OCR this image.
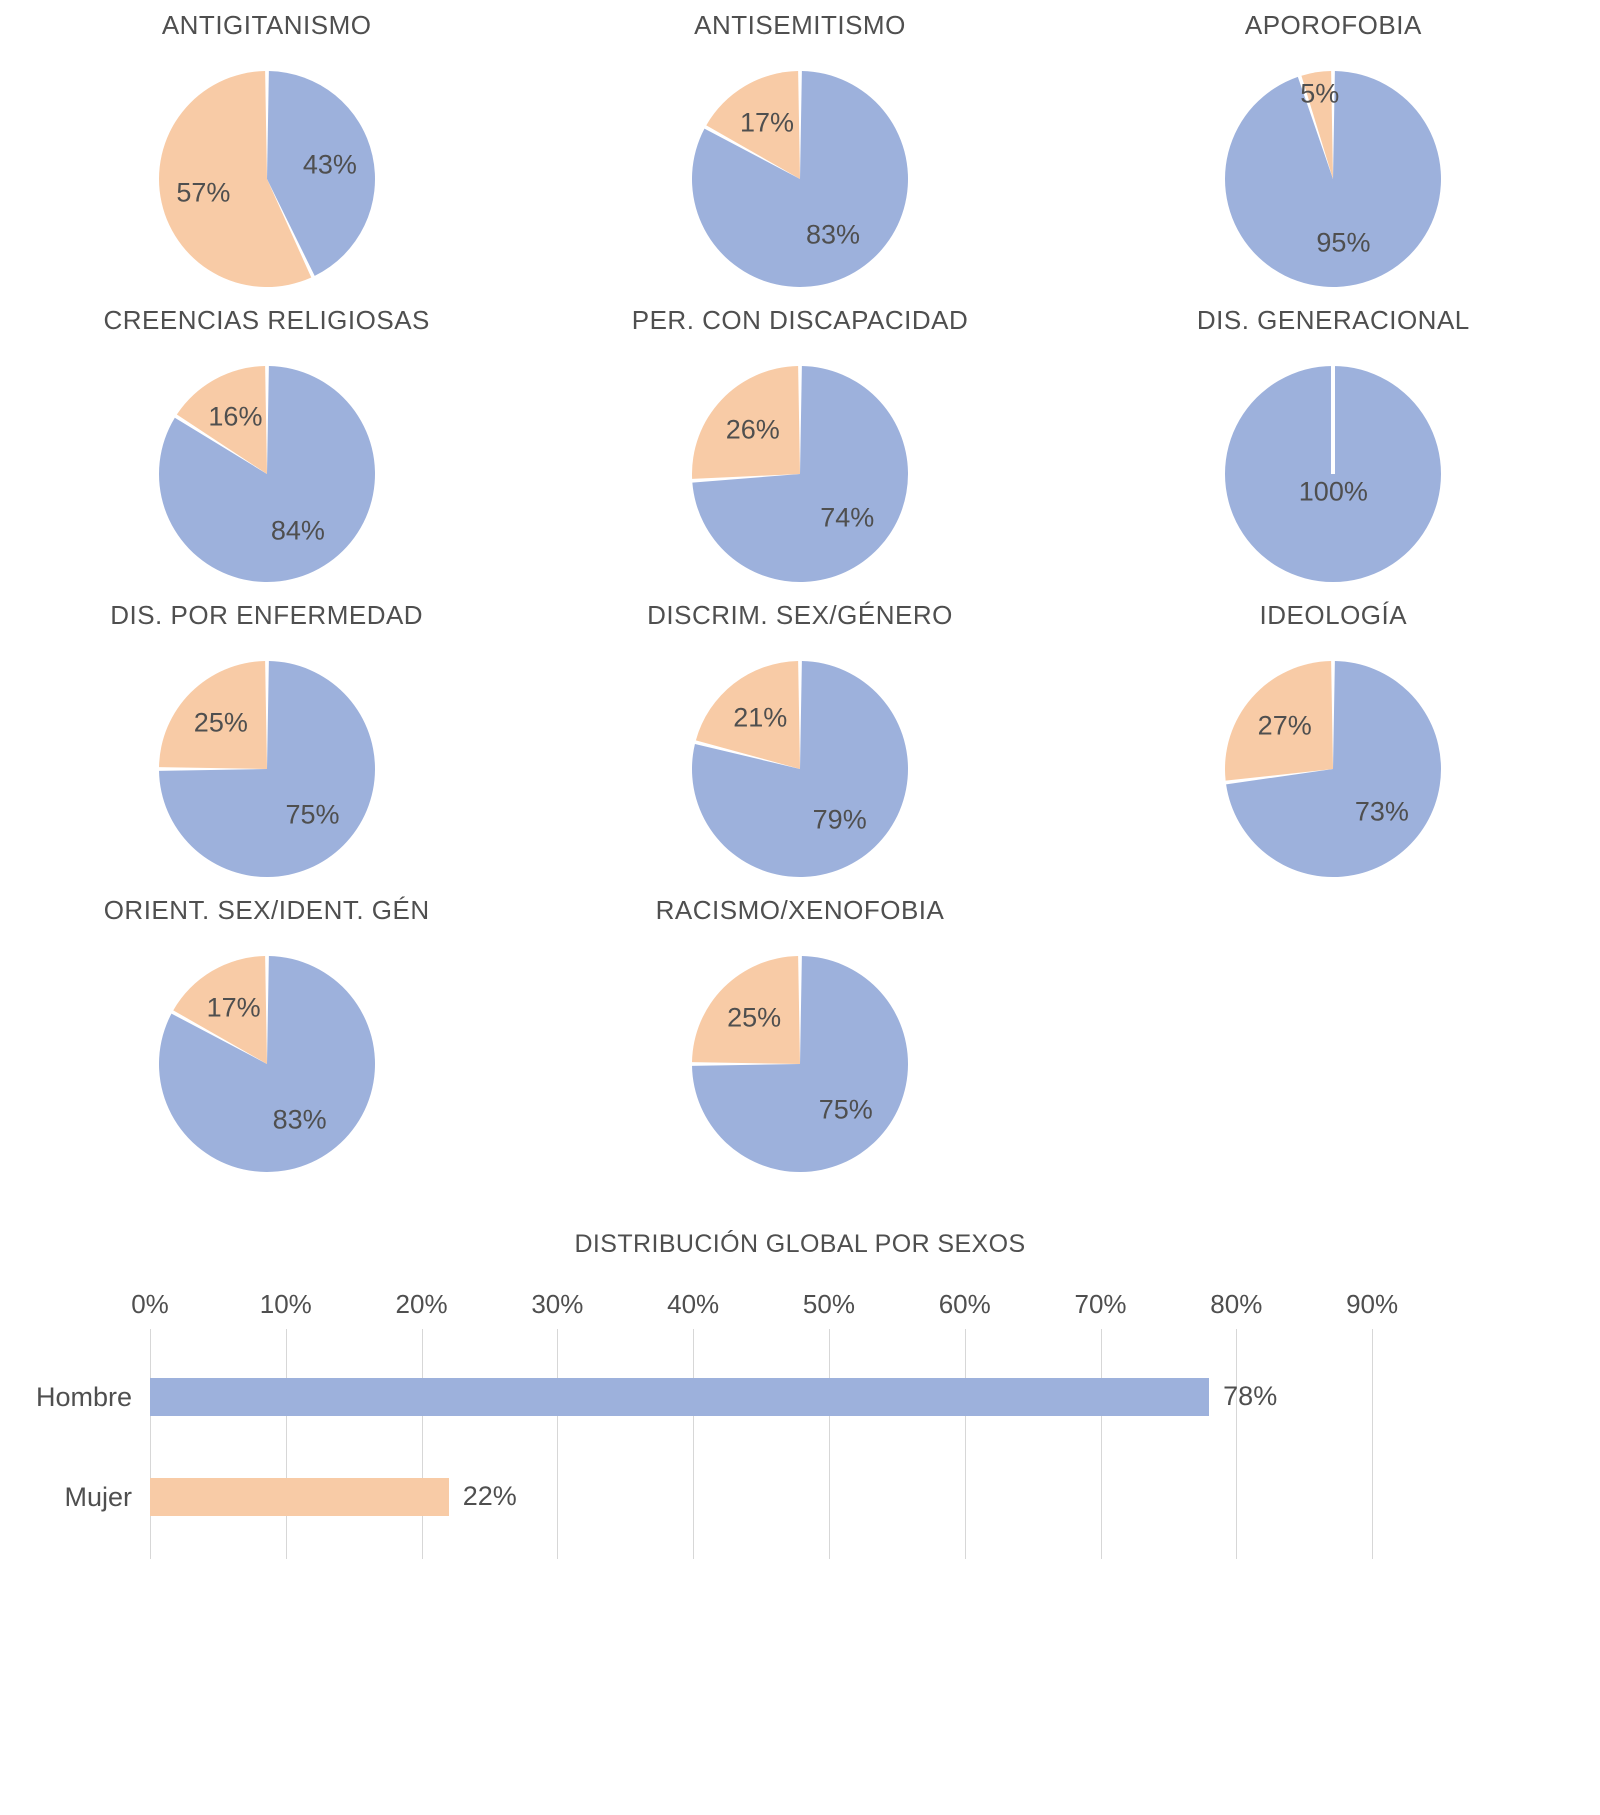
ANTIGITANISMO
43%
57%
ANTISEMITISMO
83%
17%
APOROFOBIA
95%
5%
CREENCIAS RELIGIOSAS
84%
16%
PER. CON DISCAPACIDAD
74%
26%
DIS. GENERACIONAL
100%
DIS. POR ENFERMEDAD
75%
25%
DISCRIM. SEX/GÉNERO
79%
21%
IDEOLOGÍA
73%
27%
ORIENT. SEX/IDENT. GÉN
83%
17%
RACISMO/XENOFOBIA
75%
25%
DISTRIBUCIÓN GLOBAL POR SEXOS
0%	10%	20%	30%	40%	50%	60%	70%	80%	90%
Hombre	78%
Mujer	22%
